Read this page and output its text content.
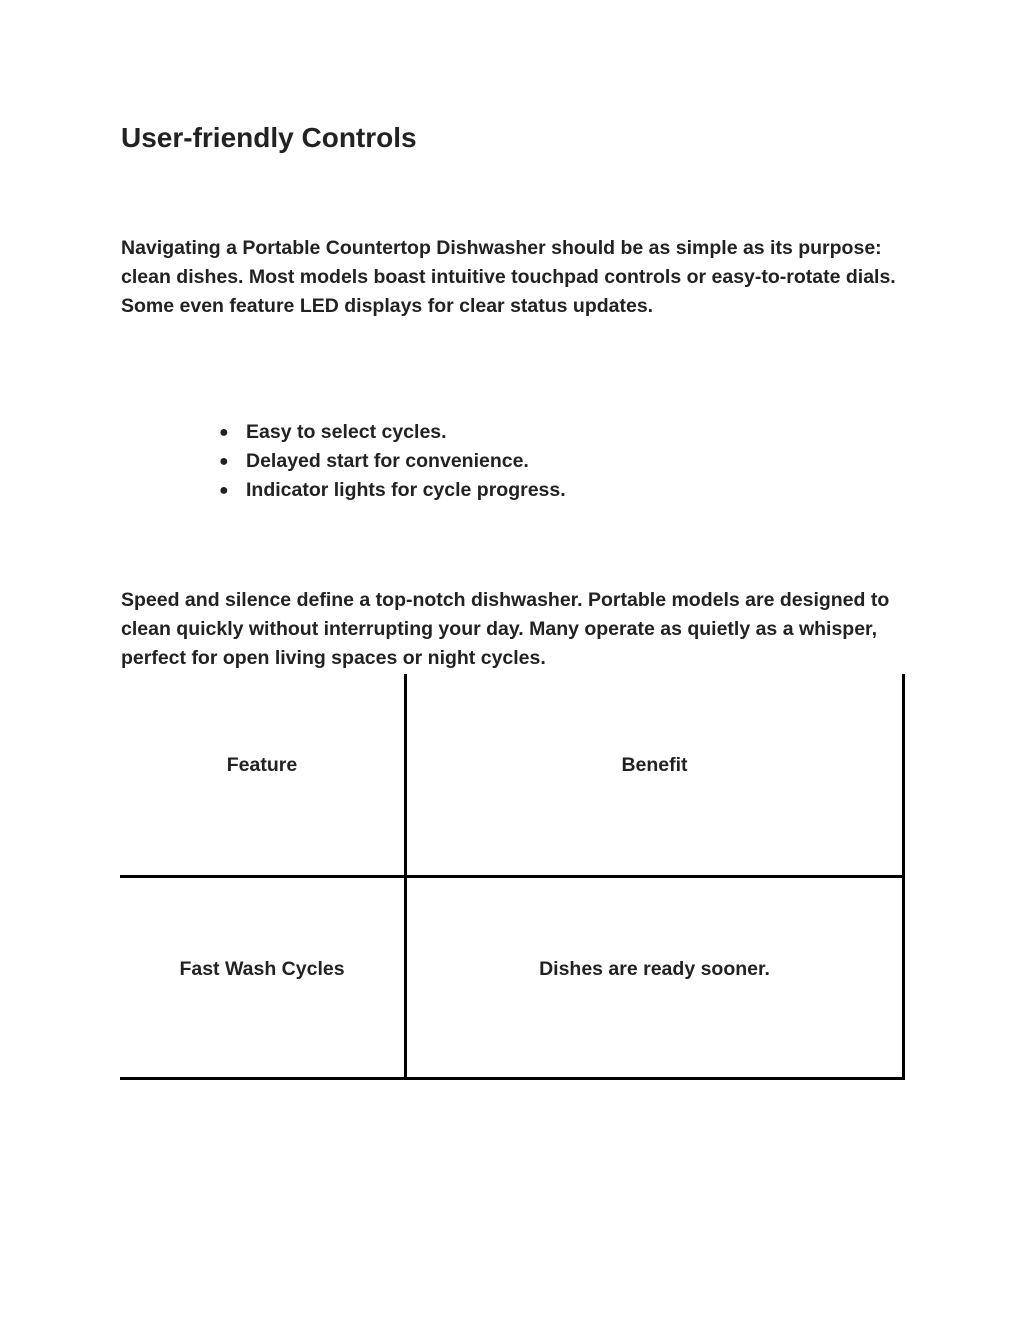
User-friendly Controls

Navigating a Portable Countertop Dishwasher should be as simple as its purpose: clean dishes. Most models boast intuitive touchpad controls or easy-to-rotate dials. Some even feature LED displays for clear status updates.

● Easy to select cycles.
● Delayed start for convenience.
● Indicator lights for cycle progress.

Speed and silence define a top-notch dishwasher. Portable models are designed to clean quickly without interrupting your day. Many operate as quietly as a whisper, perfect for open living spaces or night cycles.

Feature	Benefit
Fast Wash Cycles	Dishes are ready sooner.
